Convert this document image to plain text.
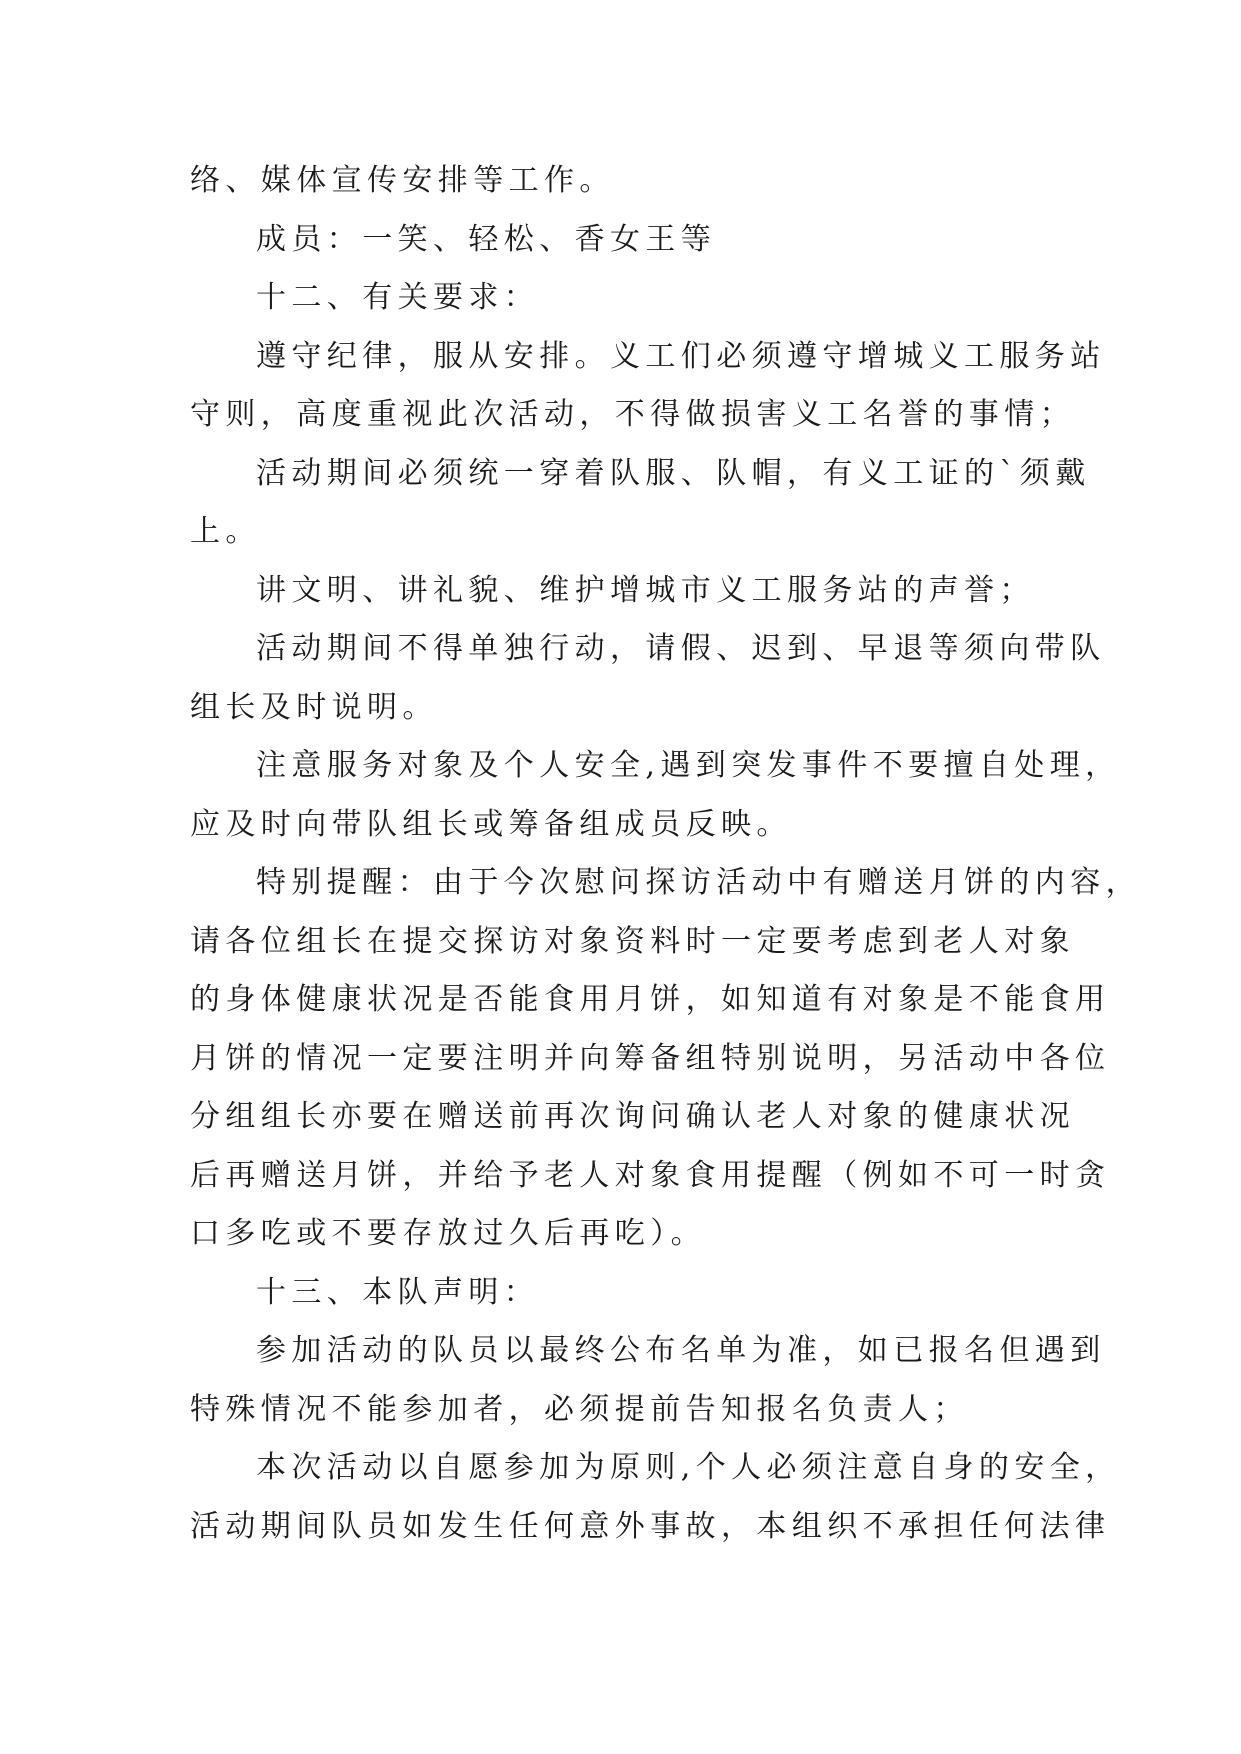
络、媒体宣传安排等工作。
成员：一笑、轻松、香女王等
十二、有关要求：
遵守纪律，服从安排。义工们必须遵守增城义工服务站
守则，高度重视此次活动，不得做损害义工名誉的事情；
活动期间必须统一穿着队服、队帽，有义工证的`须戴
上。
讲文明、讲礼貌、维护增城市义工服务站的声誉；
活动期间不得单独行动，请假、迟到、早退等须向带队
组长及时说明。
注意服务对象及个人安全,遇到突发事件不要擅自处理，
应及时向带队组长或筹备组成员反映。
特别提醒：由于今次慰问探访活动中有赠送月饼的内容，
请各位组长在提交探访对象资料时一定要考虑到老人对象
的身体健康状况是否能食用月饼，如知道有对象是不能食用
月饼的情况一定要注明并向筹备组特别说明，另活动中各位
分组组长亦要在赠送前再次询问确认老人对象的健康状况
后再赠送月饼，并给予老人对象食用提醒（例如不可一时贪
口多吃或不要存放过久后再吃）。
十三、本队声明：
参加活动的队员以最终公布名单为准，如已报名但遇到
特殊情况不能参加者，必须提前告知报名负责人；
本次活动以自愿参加为原则,个人必须注意自身的安全，
活动期间队员如发生任何意外事故，本组织不承担任何法律
